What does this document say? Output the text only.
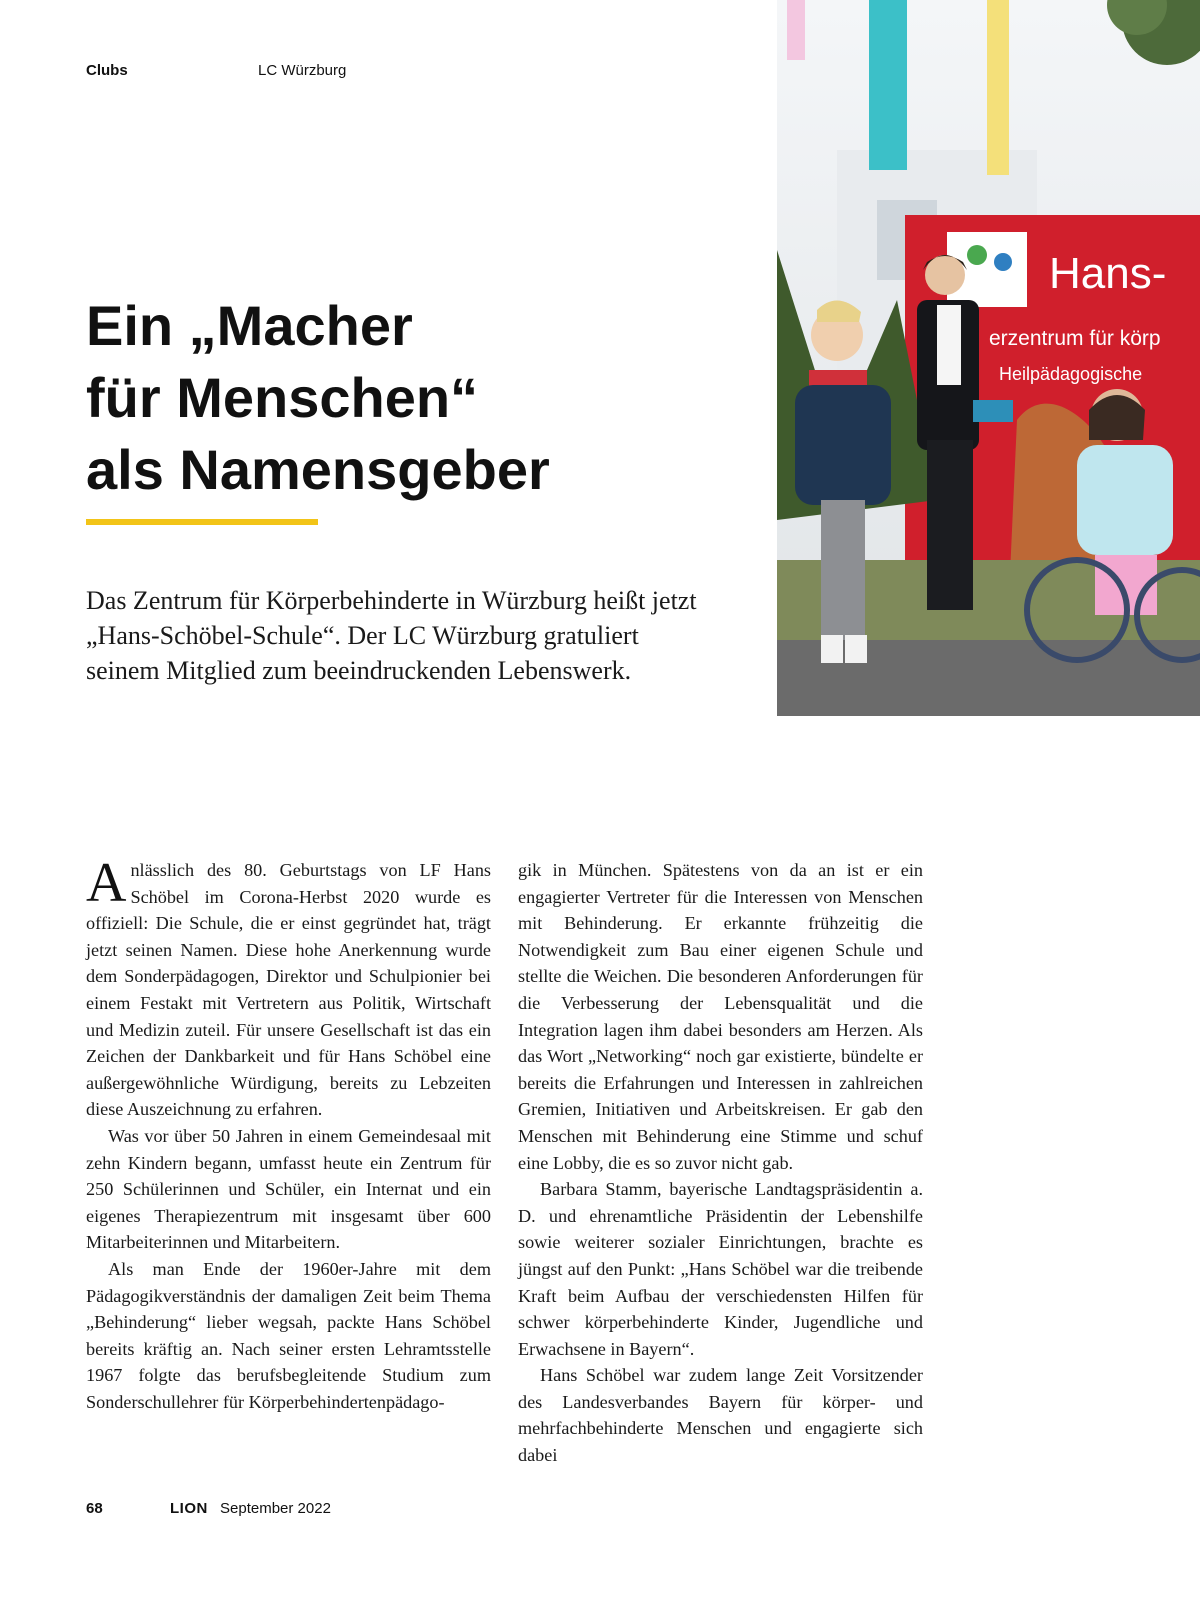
Clubs	LC Würzburg
Hans-
erzentrum für körp
Heilpädagogische
Ein „Macher
für Menschen“
als Namensgeber

Das Zentrum für Körperbehinderte in Würzburg heißt jetzt „Hans-Schöbel-Schule“. Der LC Würzburg gratuliert seinem Mitglied zum beeindruckenden Lebenswerk.

Anlässlich des 80. Geburtstags von LF Hans Schöbel im Corona-Herbst 2020 wurde es offiziell: Die Schule, die er einst gegründet hat, trägt jetzt seinen Namen. Diese hohe Anerkennung wurde dem Sonderpädagogen, Direktor und Schulpionier bei einem Festakt mit Vertretern aus Politik, Wirtschaft und Medizin zuteil. Für unsere Gesellschaft ist das ein Zeichen der Dankbarkeit und für Hans Schöbel eine außergewöhnliche Würdigung, bereits zu Lebzeiten diese Auszeichnung zu erfahren.

Was vor über 50 Jahren in einem Gemeindesaal mit zehn Kindern begann, umfasst heute ein Zentrum für 250 Schülerinnen und Schüler, ein Internat und ein eigenes Therapiezentrum mit insgesamt über 600 Mitarbeiterinnen und Mitarbeitern.

Als man Ende der 1960er-Jahre mit dem Pädagogikverständnis der damaligen Zeit beim Thema „Behinderung“ lieber wegsah, packte Hans Schöbel bereits kräftig an. Nach seiner ersten Lehramtsstelle 1967 folgte das berufsbegleitende Studium zum Sonderschullehrer für Körperbehindertenpädago-

gik in München. Spätestens von da an ist er ein engagierter Vertreter für die Interessen von Menschen mit Behinderung. Er erkannte frühzeitig die Notwendigkeit zum Bau einer eigenen Schule und stellte die Weichen. Die besonderen Anforderungen für die Verbesserung der Lebensqualität und die Integration lagen ihm dabei besonders am Herzen. Als das Wort „Networking“ noch gar existierte, bündelte er bereits die Erfahrungen und Interessen in zahlreichen Gremien, Initiativen und Arbeitskreisen. Er gab den Menschen mit Behinderung eine Stimme und schuf eine Lobby, die es so zuvor nicht gab.

Barbara Stamm, bayerische Landtagspräsidentin a. D. und ehrenamtliche Präsidentin der Lebenshilfe sowie weiterer sozialer Einrichtungen, brachte es jüngst auf den Punkt: „Hans Schöbel war die treibende Kraft beim Aufbau der verschiedensten Hilfen für schwer körperbehinderte Kinder, Jugendliche und Erwachsene in Bayern“.

Hans Schöbel war zudem lange Zeit Vorsitzender des Landesverbandes Bayern für körper- und mehrfachbehinderte Menschen und engagierte sich dabei

68	LION September 2022
